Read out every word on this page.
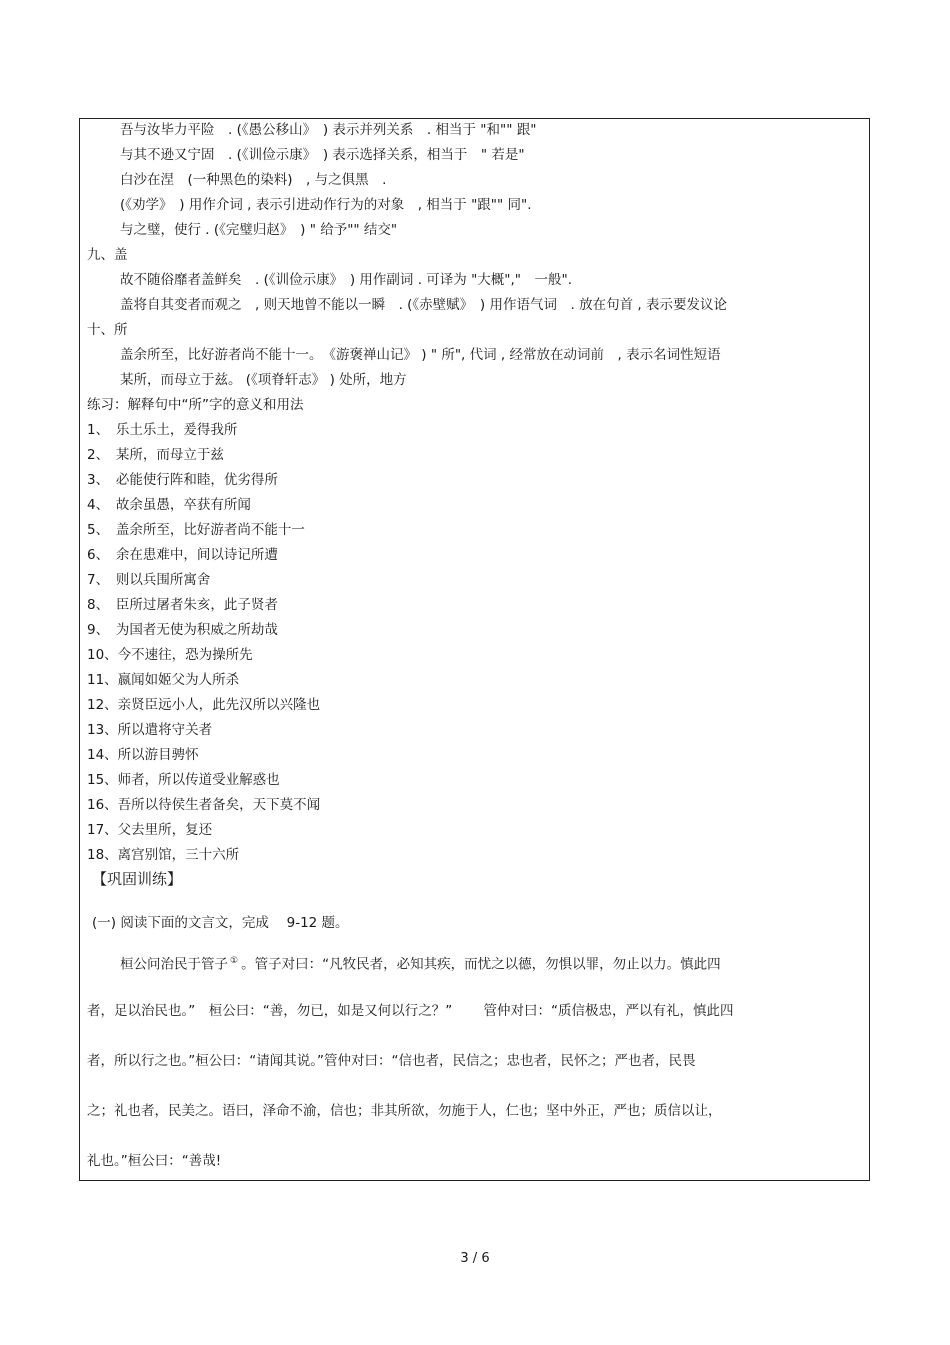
吾与汝毕力平险　. (《愚公移山》　) 表示并列关系　. 相当于 "和"" 跟"
与其不逊又宁固　. (《训俭示康》　) 表示选择关系，相当于　" 若是"
白沙在涅　(一种黑色的染料)　, 与之俱黑　.
(《劝学》　) 用作介词 , 表示引进动作行为的对象　, 相当于 "跟"" 同".
与之璧，使行 . (《完璧归赵》　) " 给予"" 结交"
九、盖
故不随俗靡者盖鲜矣　. (《训俭示康》　) 用作副词 . 可译为 "大概","　一般".
盖将自其变者而观之　, 则天地曾不能以一瞬　. (《赤壁赋》　) 用作语气词　. 放在句首 , 表示要发议论
十、所
盖余所至，比好游者尚不能十一。　《游褒禅山记》 ) " 所", 代词 , 经常放在动词前　, 表示名词性短语
某所，而母立于兹。 (《项脊轩志》 ) 处所，地方
练习：解释句中“所”字的意义和用法
1、　乐土乐土，爰得我所
2、　某所，而母立于兹
3、　必能使行阵和睦，优劣得所
4、　故余虽愚，卒获有所闻
5、　盖余所至，比好游者尚不能十一
6、　余在患难中，间以诗记所遭
7、　则以兵围所寓舍
8、　臣所过屠者朱亥，此子贤者
9、　为国者无使为积威之所劫哉
10、今不速往，恐为操所先
11、嬴闻如姬父为人所杀
12、亲贤臣远小人，此先汉所以兴隆也
13、所以遣将守关者
14、所以游目骋怀
15、师者，所以传道受业解惑也
16、吾所以待侯生者备矣，天下莫不闻
17、父去里所，复还
18、离宫别馆，三十六所
【巩固训练】
(一) 阅读下面的文言文，完成　 9-12 题。
桓公问治民于管子 ① 。管子对曰：“凡牧民者，必知其疾，而忧之以德，勿惧以罪，勿止以力。慎此四
者，足以治民也。”　桓公曰：“善，勿已，如是又何以行之？”　　 管仲对曰：“质信极忠，严以有礼，慎此四
者，所以行之也。”桓公曰：“请闻其说。”管仲对曰：“信也者，民信之；忠也者，民怀之；严也者，民畏
之；礼也者，民美之。语曰，泽命不渝，信也；非其所欲，勿施于人，仁也；坚中外正，严也；质信以让，
礼也。”桓公曰：“善哉!
3 / 6
